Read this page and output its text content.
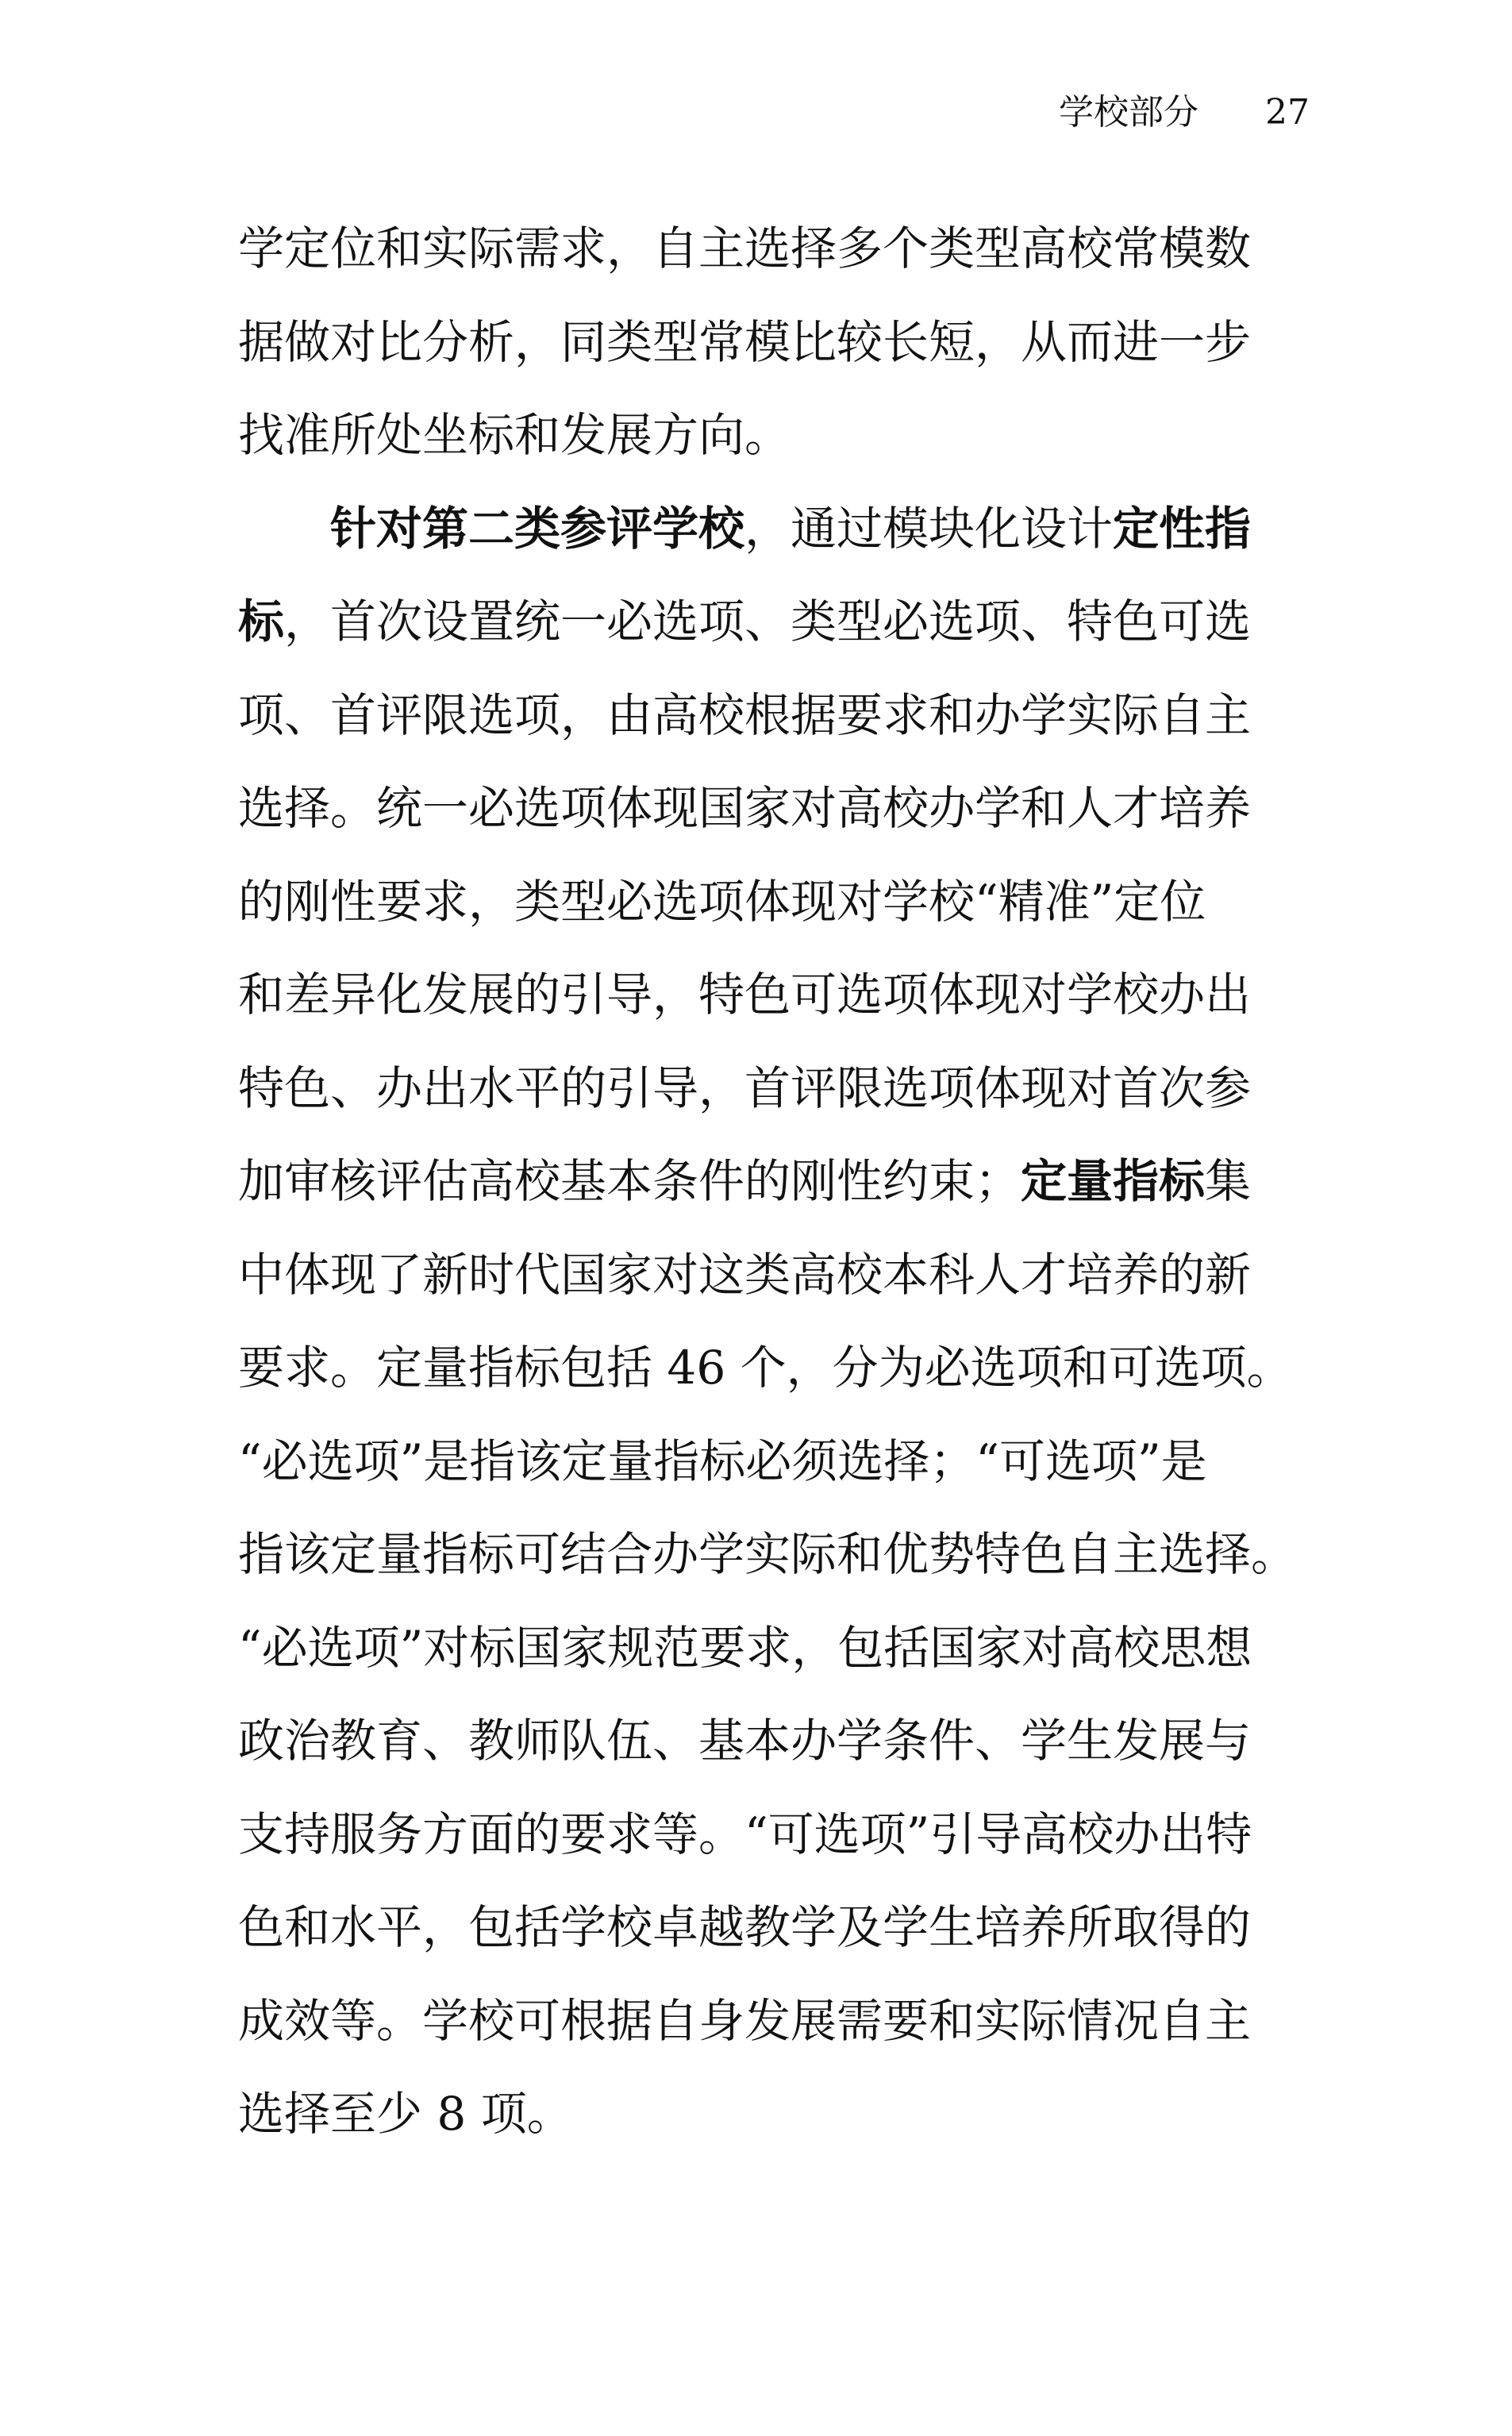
学校部分 27
学定位和实际需求，自主选择多个类型高校常模数
据做对比分析，同类型常模比较长短，从而进一步
找准所处坐标和发展方向。
　　针对第二类参评学校，通过模块化设计定性指
标，首次设置统一必选项、类型必选项、特色可选
项、首评限选项，由高校根据要求和办学实际自主
选择。统一必选项体现国家对高校办学和人才培养
的刚性要求，类型必选项体现对学校“精准”定位
和差异化发展的引导，特色可选项体现对学校办出
特色、办出水平的引导，首评限选项体现对首次参
加审核评估高校基本条件的刚性约束；定量指标集
中体现了新时代国家对这类高校本科人才培养的新
要求。定量指标包括 46 个，分为必选项和可选项。
“必选项”是指该定量指标必须选择；“可选项”是
指该定量指标可结合办学实际和优势特色自主选择。
“必选项”对标国家规范要求，包括国家对高校思想
政治教育、教师队伍、基本办学条件、学生发展与
支持服务方面的要求等。“可选项”引导高校办出特
色和水平，包括学校卓越教学及学生培养所取得的
成效等。学校可根据自身发展需要和实际情况自主
选择至少 8 项。
